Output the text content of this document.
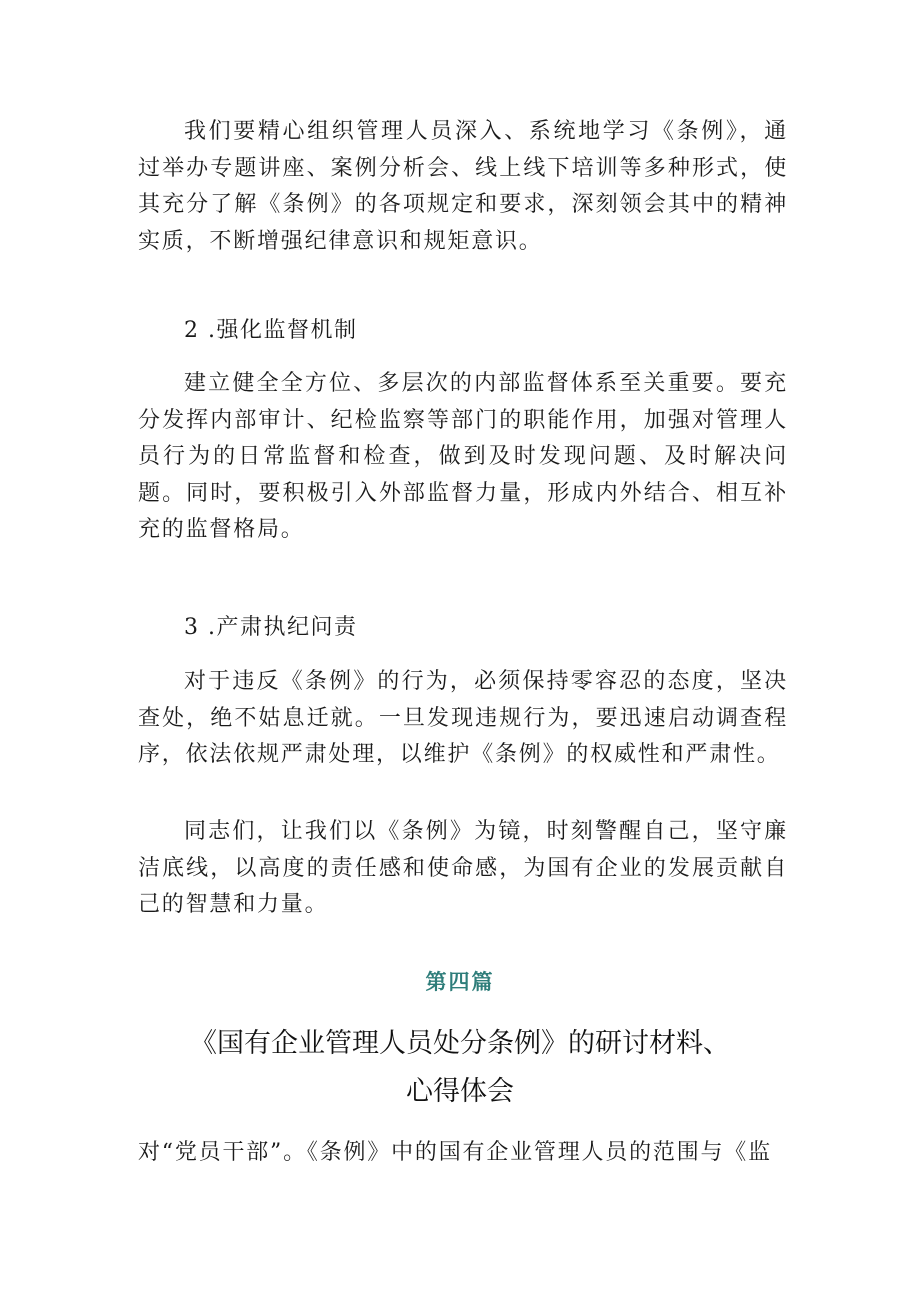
我们要精心组织管理人员深入、系统地学习《条例》，通过举办专题讲座、案例分析会、线上线下培训等多种形式，使其充分了解《条例》的各项规定和要求，深刻领会其中的精神实质，不断增强纪律意识和规矩意识。

2 .强化监督机制

建立健全全方位、多层次的内部监督体系至关重要。要充分发挥内部审计、纪检监察等部门的职能作用，加强对管理人员行为的日常监督和检查，做到及时发现问题、及时解决问题。同时，要积极引入外部监督力量，形成内外结合、相互补充的监督格局。

3 .产肃执纪问责

对于违反《条例》的行为，必须保持零容忍的态度，坚决查处，绝不姑息迁就。一旦发现违规行为，要迅速启动调查程序，依法依规严肃处理，以维护《条例》的权威性和严肃性。

同志们，让我们以《条例》为镜，时刻警醒自己，坚守廉洁底线，以高度的责任感和使命感，为国有企业的发展贡献自己的智慧和力量。

第四篇

《国有企业管理人员处分条例》的研讨材料、
心得体会

对“党员干部”。《条例》中的国有企业管理人员的范围与《监
